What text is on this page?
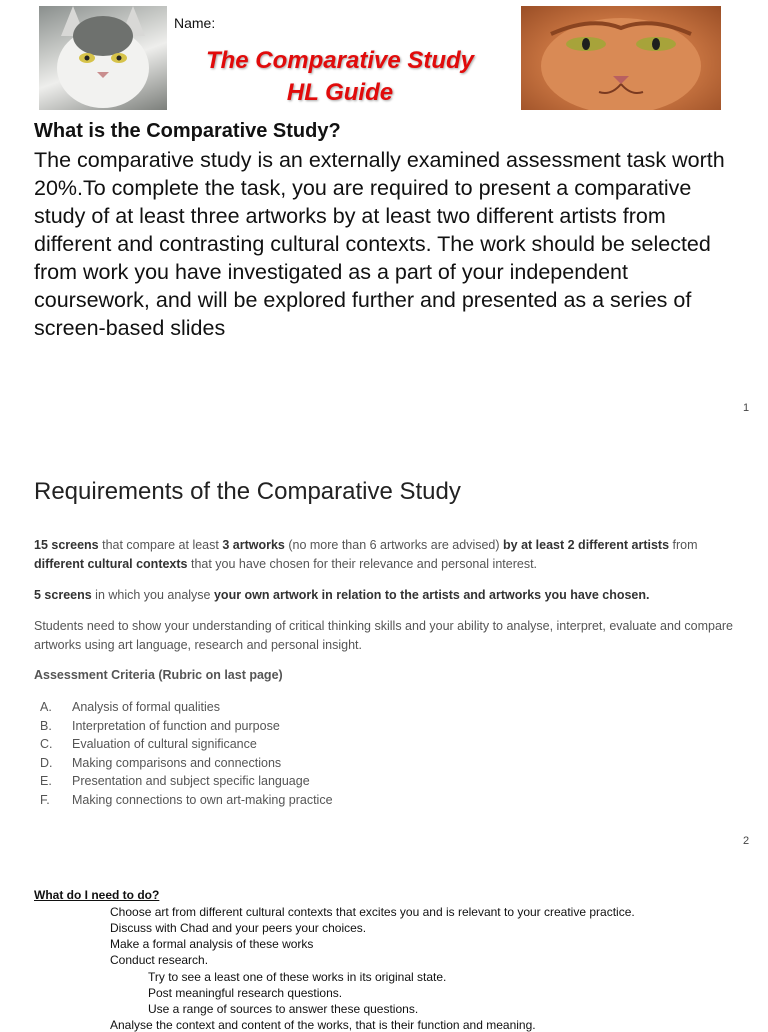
Name:
The Comparative Study
HL Guide
What is the Comparative Study?
The comparative study is an externally examined assessment task worth 20%.To complete the task, you are required to present a comparative study of at least three artworks by at least two different artists from different and contrasting cultural contexts. The work should be selected from work you have investigated as a part of your independent coursework, and will be explored further and presented as a series of screen-based slides
1
Requirements of the Comparative Study
15 screens that compare at least 3 artworks (no more than 6 artworks are advised) by at least 2 different artists from different cultural contexts that you have chosen for their relevance and personal interest.
5 screens in which you analyse your own artwork in relation to the artists and artworks you have chosen.
Students need to show your understanding of critical thinking skills and your ability to analyse, interpret, evaluate and compare artworks using art language, research and personal insight.
Assessment Criteria (Rubric on last page)
A. Analysis of formal qualities
B. Interpretation of function and purpose
C. Evaluation of cultural significance
D. Making comparisons and connections
E. Presentation and subject specific language
F. Making connections to own art-making practice
2
What do I need to do?
Choose art from different cultural contexts that excites you and is relevant to your creative practice.
Discuss with Chad and your peers your choices.
Make a formal analysis of these works
Conduct research.
Try to see a least one of these works in its original state.
Post meaningful research questions.
Use a range of sources to answer these questions.
Analyse the context and content of the works, that is their function and meaning.
